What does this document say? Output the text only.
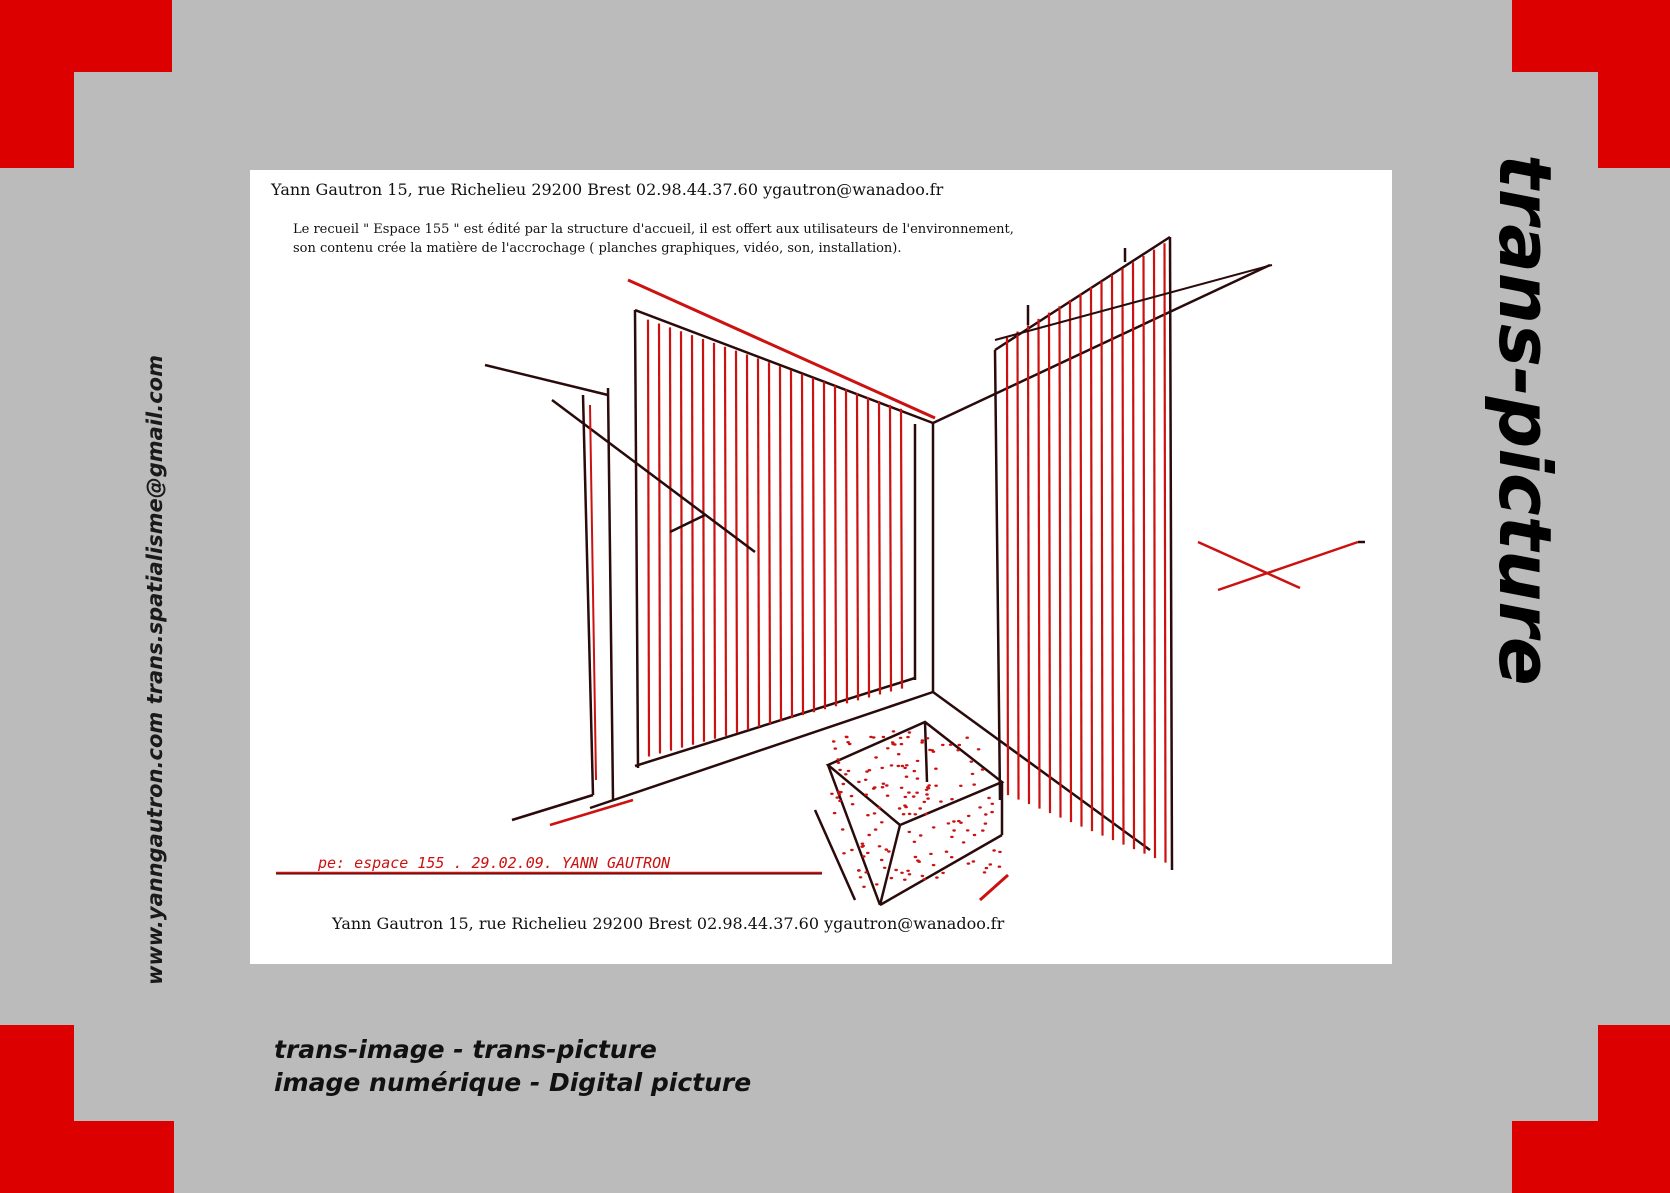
www.yanngautron.com trans.spatialisme@gmail.com	trans-picture
Yann Gautron 15, rue Richelieu 29200 Brest 02.98.44.37.60 ygautron@wanadoo.fr
Le recueil " Espace 155 " est édité par la structure d'accueil, il est offert aux utilisateurs de l'environnement,
son contenu crée la matière de l'accrochage ( planches graphiques, vidéo, son, installation).
pe: espace 155 . 29.02.09. YANN GAUTRON
Yann Gautron 15, rue Richelieu 29200 Brest 02.98.44.37.60 ygautron@wanadoo.fr
trans-image - trans-picture
image numérique - Digital picture
